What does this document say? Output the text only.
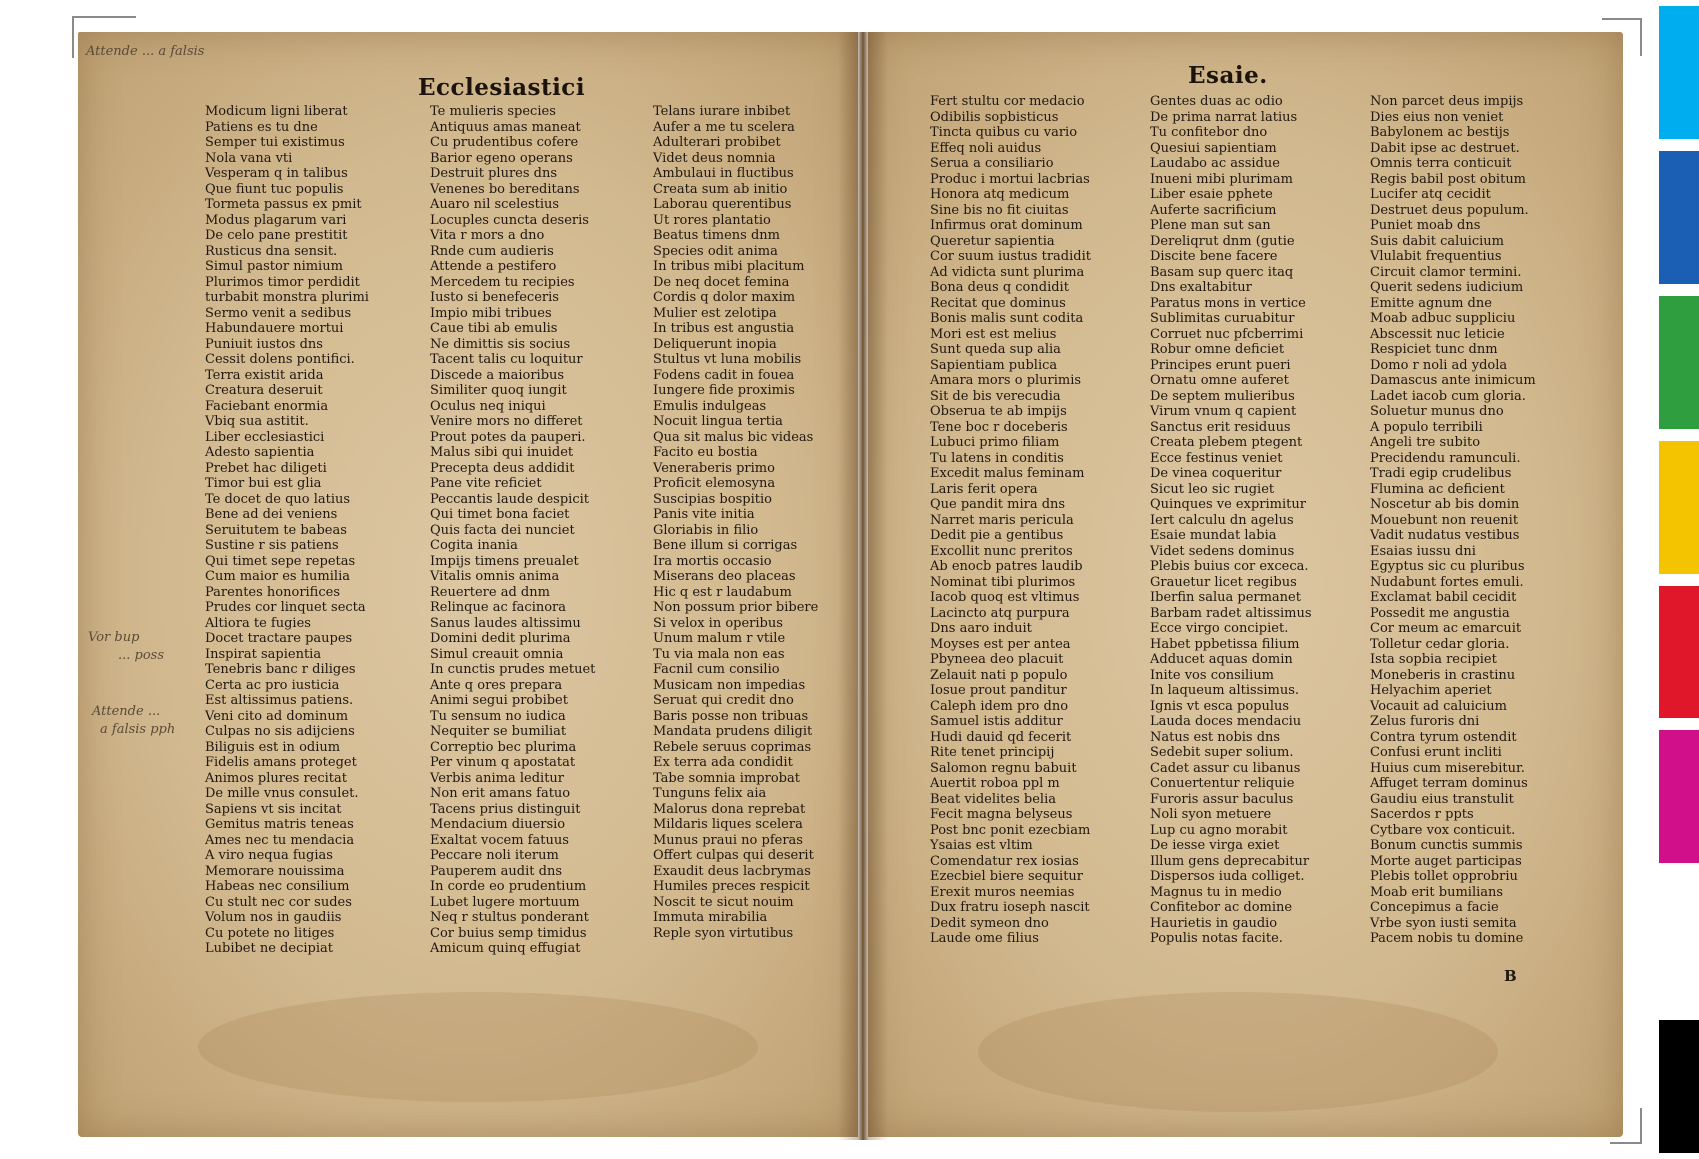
Ecclesiastici
Attende ... a falsis
Vor bup
... poss
Attende ...
a falsis pph
Modicum ligni liberat
Patiens es tu dne
Semper tui existimus
Nola vana vti
Vesperam q in talibus
Que fiunt tuc populis
Tormeta passus ex pmit
Modus plagarum vari
De celo pane prestitit
Rusticus dna sensit.
Simul pastor nimium
Plurimos timor perdidit
turbabit monstra plurimi
Sermo venit a sedibus
Habundauere mortui
Puniuit iustos dns
Cessit dolens pontifici.
Terra existit arida
Creatura deseruit
Faciebant enormia
Vbiq sua astitit.
Liber ecclesiastici
Adesto sapientia
Prebet hac diligeti
Timor bui est glia
Te docet de quo latius
Bene ad dei veniens
Seruitutem te babeas
Sustine r sis patiens
Qui timet sepe repetas
Cum maior es humilia
Parentes honorifices
Prudes cor linquet secta
Altiora te fugies
Docet tractare paupes
Inspirat sapientia
Tenebris banc r diliges
Certa ac pro iusticia
Est altissimus patiens.
Veni cito ad dominum
Culpas no sis adijciens
Biliguis est in odium
Fidelis amans proteget
Animos plures recitat
De mille vnus consulet.
Sapiens vt sis incitat
Gemitus matris teneas
Ames nec tu mendacia
A viro nequa fugias
Memorare nouissima
Habeas nec consilium
Cu stult nec cor sudes
Volum nos in gaudiis
Cu potete no litiges
Lubibet ne decipiat
Te mulieris species
Antiquus amas maneat
Cu prudentibus cofere
Barior egeno operans
Destruit plures dns
Venenes bo bereditans
Auaro nil scelestius
Locuples cuncta deseris
Vita r mors a dno
Rnde cum audieris
Attende a pestifero
Mercedem tu recipies
Iusto si benefeceris
Impio mibi tribues
Caue tibi ab emulis
Ne dimittis sis socius
Tacent talis cu loquitur
Discede a maioribus
Similiter quoq iungit
Oculus neq iniqui
Venire mors no differet
Prout potes da pauperi.
Malus sibi qui inuidet
Precepta deus addidit
Pane vite reficiet
Peccantis laude despicit
Qui timet bona faciet
Quis facta dei nunciet
Cogita inania
Impijs timens preualet
Vitalis omnis anima
Reuertere ad dnm
Relinque ac facinora
Sanus laudes altissimu
Domini dedit plurima
Simul creauit omnia
In cunctis prudes metuet
Ante q ores prepara
Animi segui probibet
Tu sensum no iudica
Nequiter se bumiliat
Correptio bec plurima
Per vinum q apostatat
Verbis anima leditur
Non erit amans fatuo
Tacens prius distinguit
Mendacium diuersio
Exaltat vocem fatuus
Peccare noli iterum
Pauperem audit dns
In corde eo prudentium
Lubet lugere mortuum
Neq r stultus ponderant
Cor buius semp timidus
Amicum quinq effugiat
Telans iurare inbibet
Aufer a me tu scelera
Adulterari probibet
Videt deus nomnia
Ambulaui in fluctibus
Creata sum ab initio
Laborau querentibus
Ut rores plantatio
Beatus timens dnm
Species odit anima
In tribus mibi placitum
De neq docet femina
Cordis q dolor maxim
Mulier est zelotipa
In tribus est angustia
Deliquerunt inopia
Stultus vt luna mobilis
Fodens cadit in fouea
Iungere fide proximis
Emulis indulgeas
Nocuit lingua tertia
Qua sit malus bic videas
Facito eu bostia
Veneraberis primo
Proficit elemosyna
Suscipias bospitio
Panis vite initia
Gloriabis in filio
Bene illum si corrigas
Ira mortis occasio
Miserans deo placeas
Hic q est r laudabum
Non possum prior bibere
Si velox in operibus
Unum malum r vtile
Tu via mala non eas
Facnil cum consilio
Musicam non impedias
Seruat qui credit dno
Baris posse non tribuas
Mandata prudens diligit
Rebele seruus coprimas
Ex terra ada condidit
Tabe somnia improbat
Tunguns felix aia
Malorus dona reprebat
Mildaris liques scelera
Munus praui no pferas
Offert culpas qui deserit
Exaudit deus lacbrymas
Humiles preces respicit
Noscit te sicut nouim
Immuta mirabilia
Reple syon virtutibus
Esaie.
Fert stultu cor medacio
Odibilis sopbisticus
Tincta quibus cu vario
Effeq noli auidus
Serua a consiliario
Produc i mortui lacbrias
Honora atq medicum
Sine bis no fit ciuitas
Infirmus orat dominum
Queretur sapientia
Cor suum iustus tradidit
Ad vidicta sunt plurima
Bona deus q condidit
Recitat que dominus
Bonis malis sunt codita
Mori est est melius
Sunt queda sup alia
Sapientiam publica
Amara mors o plurimis
Sit de bis verecudia
Obserua te ab impijs
Tene boc r doceberis
Lubuci primo filiam
Tu latens in conditis
Excedit malus feminam
Laris ferit opera
Que pandit mira dns
Narret maris pericula
Dedit pie a gentibus
Excollit nunc preritos
Ab enocb patres laudib
Nominat tibi plurimos
Iacob quoq est vltimus
Lacincto atq purpura
Dns aaro induit
Moyses est per antea
Pbyneea deo placuit
Zelauit nati p populo
Iosue prout panditur
Caleph idem pro dno
Samuel istis additur
Hudi dauid qd fecerit
Rite tenet principij
Salomon regnu babuit
Auertit roboa ppl m
Beat videlites belia
Fecit magna belyseus
Post bnc ponit ezecbiam
Ysaias est vltim
Comendatur rex iosias
Ezecbiel biere sequitur
Erexit muros neemias
Dux fratru ioseph nascit
Dedit symeon dno
Laude ome filius
Gentes duas ac odio
De prima narrat latius
Tu confitebor dno
Quesiui sapientiam
Laudabo ac assidue
Inueni mibi plurimam
Liber esaie pphete
Auferte sacrificium
Plene man sut san
Dereliqrut dnm (gutie
Discite bene facere
Basam sup querc itaq
Dns exaltabitur
Paratus mons in vertice
Sublimitas curuabitur
Corruet nuc pfcberrimi
Robur omne deficiet
Principes erunt pueri
Ornatu omne auferet
De septem mulieribus
Virum vnum q capient
Sanctus erit residuus
Creata plebem ptegent
Ecce festinus veniet
De vinea coqueritur
Sicut leo sic rugiet
Quinques ve exprimitur
Iert calculu dn agelus
Esaie mundat labia
Videt sedens dominus
Plebis buius cor exceca.
Grauetur licet regibus
Iberfin salua permanet
Barbam radet altissimus
Ecce virgo concipiet.
Habet ppbetissa filium
Adducet aquas domin
Inite vos consilium
In laqueum altissimus.
Ignis vt esca populus
Lauda doces mendaciu
Natus est nobis dns
Sedebit super solium.
Cadet assur cu libanus
Conuertentur reliquie
Furoris assur baculus
Noli syon metuere
Lup cu agno morabit
De iesse virga exiet
Illum gens deprecabitur
Dispersos iuda colliget.
Magnus tu in medio
Confitebor ac domine
Haurietis in gaudio
Populis notas facite.
Non parcet deus impijs
Dies eius non veniet
Babylonem ac bestijs
Dabit ipse ac destruet.
Omnis terra conticuit
Regis babil post obitum
Lucifer atq cecidit
Destruet deus populum.
Puniet moab dns
Suis dabit caluicium
Vlulabit frequentius
Circuit clamor termini.
Querit sedens iudicium
Emitte agnum dne
Moab adbuc suppliciu
Abscessit nuc leticie
Respiciet tunc dnm
Domo r noli ad ydola
Damascus ante inimicum
Ladet iacob cum gloria.
Soluetur munus dno
A populo terribili
Angeli tre subito
Precidendu ramunculi.
Tradi egip crudelibus
Flumina ac deficient
Noscetur ab bis domin
Mouebunt non reuenit
Vadit nudatus vestibus
Esaias iussu dni
Egyptus sic cu pluribus
Nudabunt fortes emuli.
Exclamat babil cecidit
Possedit me angustia
Cor meum ac emarcuit
Tolletur cedar gloria.
Ista sopbia recipiet
Moneberis in crastinu
Helyachim aperiet
Vocauit ad caluicium
Zelus furoris dni
Contra tyrum ostendit
Confusi erunt incliti
Huius cum miserebitur.
Affuget terram dominus
Gaudiu eius transtulit
Sacerdos r ppts
Cytbare vox conticuit.
Bonum cunctis summis
Morte auget participas
Plebis tollet opprobriu
Moab erit bumilians
Concepimus a facie
Vrbe syon iusti semita
Pacem nobis tu domine
B
